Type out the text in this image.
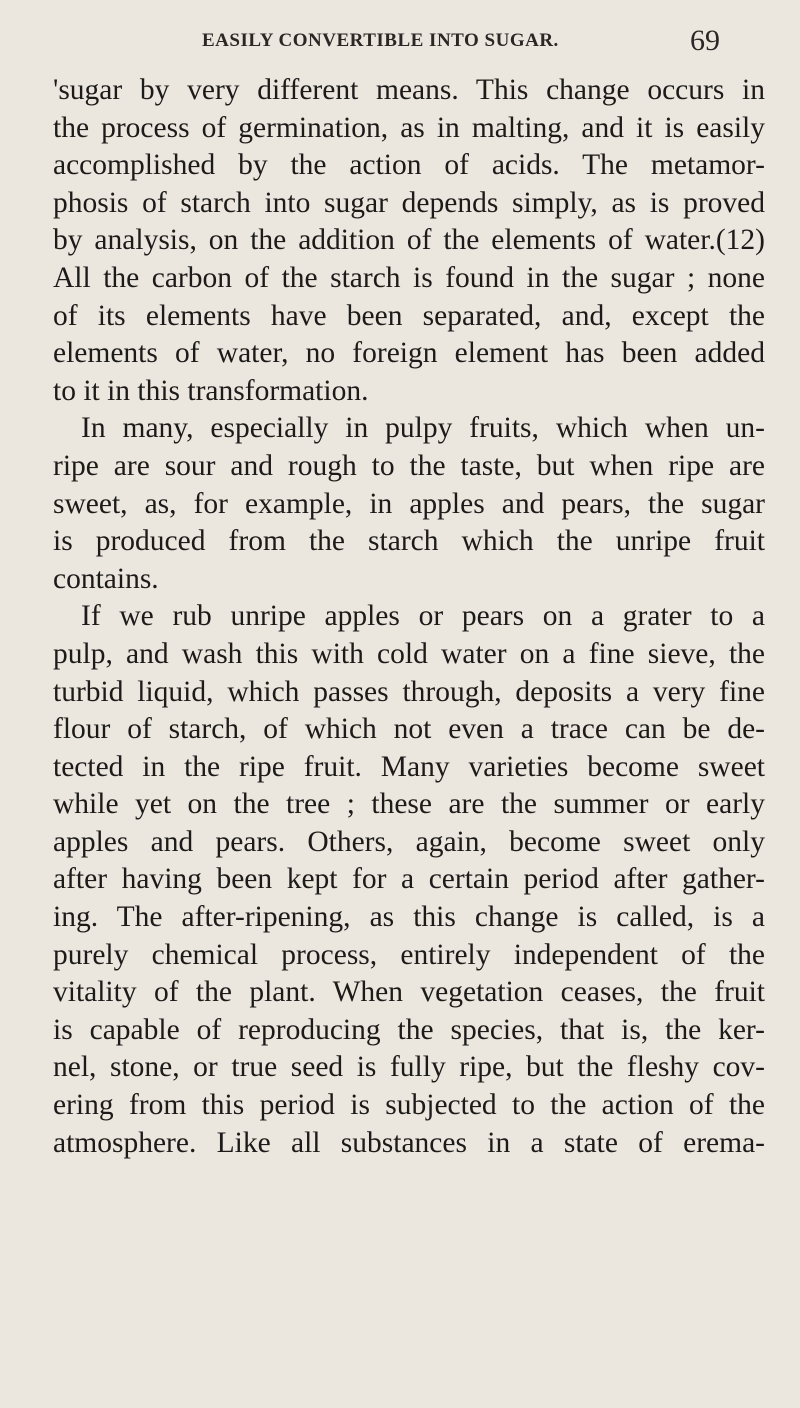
EASILY CONVERTIBLE INTO SUGAR.	69
'sugar by very different means. This change occurs in
the process of germination, as in malting, and it is easily
accomplished by the action of acids. The metamor-
phosis of starch into sugar depends simply, as is proved
by analysis, on the addition of the elements of water.(12)
All the carbon of the starch is found in the sugar ; none
of its elements have been separated, and, except the
elements of water, no foreign element has been added
to it in this transformation.
In many, especially in pulpy fruits, which when un-
ripe are sour and rough to the taste, but when ripe are
sweet, as, for example, in apples and pears, the sugar
is produced from the starch which the unripe fruit
contains.
If we rub unripe apples or pears on a grater to a
pulp, and wash this with cold water on a fine sieve, the
turbid liquid, which passes through, deposits a very fine
flour of starch, of which not even a trace can be de-
tected in the ripe fruit. Many varieties become sweet
while yet on the tree ; these are the summer or early
apples and pears. Others, again, become sweet only
after having been kept for a certain period after gather-
ing. The after-ripening, as this change is called, is a
purely chemical process, entirely independent of the
vitality of the plant. When vegetation ceases, the fruit
is capable of reproducing the species, that is, the ker-
nel, stone, or true seed is fully ripe, but the fleshy cov-
ering from this period is subjected to the action of the
atmosphere. Like all substances in a state of erema-
